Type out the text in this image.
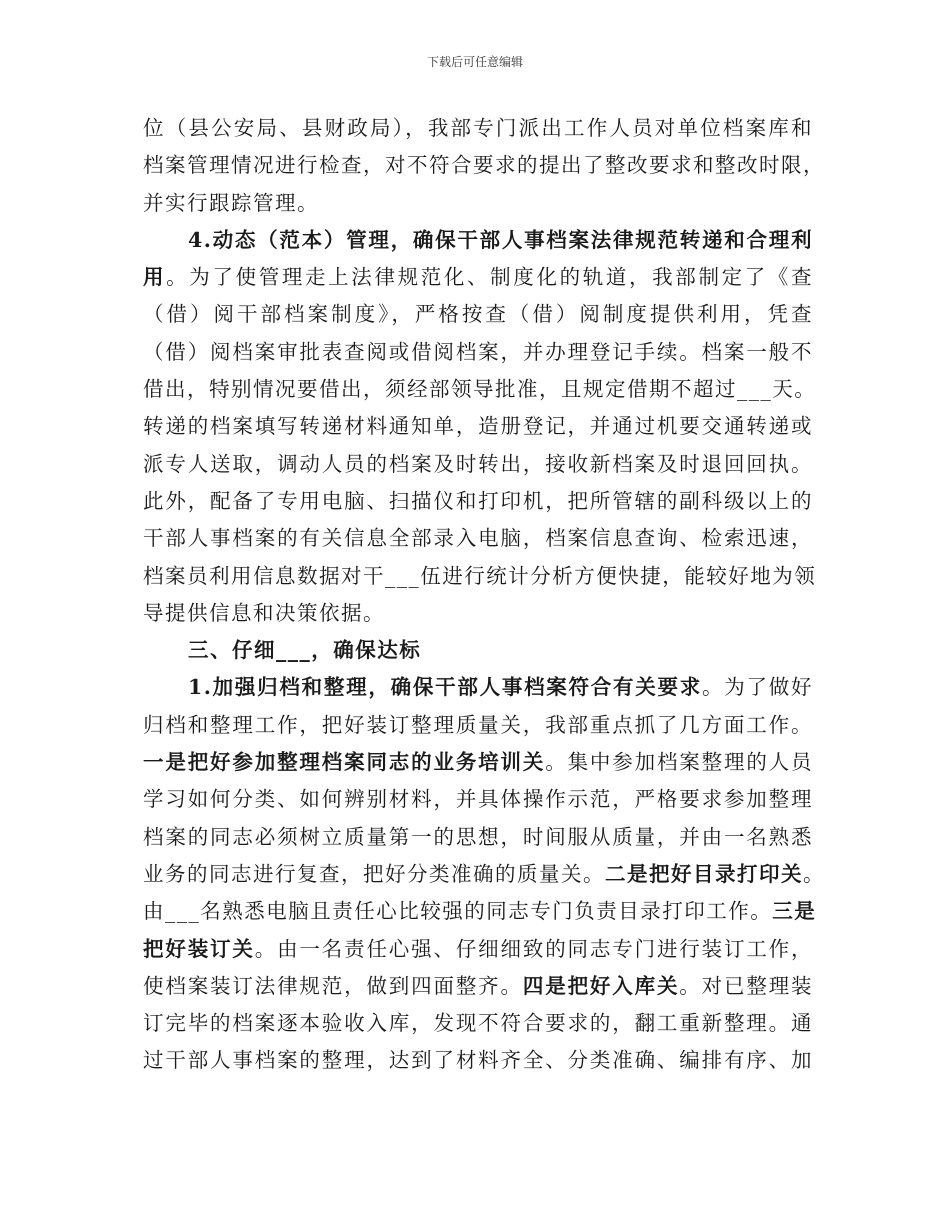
下载后可任意编辑
位（县公安局、县财政局），我部专门派出工作人员对单位档案库和
档案管理情况进行检查，对不符合要求的提出了整改要求和整改时限，
并实行跟踪管理。
4.动态（范本）管理，确保干部人事档案法律规范转递和合理利
用。为了使管理走上法律规范化、制度化的轨道，我部制定了《查
（借）阅干部档案制度》，严格按查（借）阅制度提供利用，凭查
（借）阅档案审批表查阅或借阅档案，并办理登记手续。档案一般不
借出，特别情况要借出，须经部领导批准，且规定借期不超过___天。
转递的档案填写转递材料通知单，造册登记，并通过机要交通转递或
派专人送取，调动人员的档案及时转出，接收新档案及时退回回执。
此外，配备了专用电脑、扫描仪和打印机，把所管辖的副科级以上的
干部人事档案的有关信息全部录入电脑，档案信息查询、检索迅速，
档案员利用信息数据对干___伍进行统计分析方便快捷，能较好地为领
导提供信息和决策依据。
三、仔细___，确保达标
1.加强归档和整理，确保干部人事档案符合有关要求。为了做好
归档和整理工作，把好装订整理质量关，我部重点抓了几方面工作。
一是把好参加整理档案同志的业务培训关。集中参加档案整理的人员
学习如何分类、如何辨别材料，并具体操作示范，严格要求参加整理
档案的同志必须树立质量第一的思想，时间服从质量，并由一名熟悉
业务的同志进行复查，把好分类准确的质量关。二是把好目录打印关。
由___名熟悉电脑且责任心比较强的同志专门负责目录打印工作。三是
把好装订关。由一名责任心强、仔细细致的同志专门进行装订工作，
使档案装订法律规范，做到四面整齐。四是把好入库关。对已整理装
订完毕的档案逐本验收入库，发现不符合要求的，翻工重新整理。通
过干部人事档案的整理，达到了材料齐全、分类准确、编排有序、加
